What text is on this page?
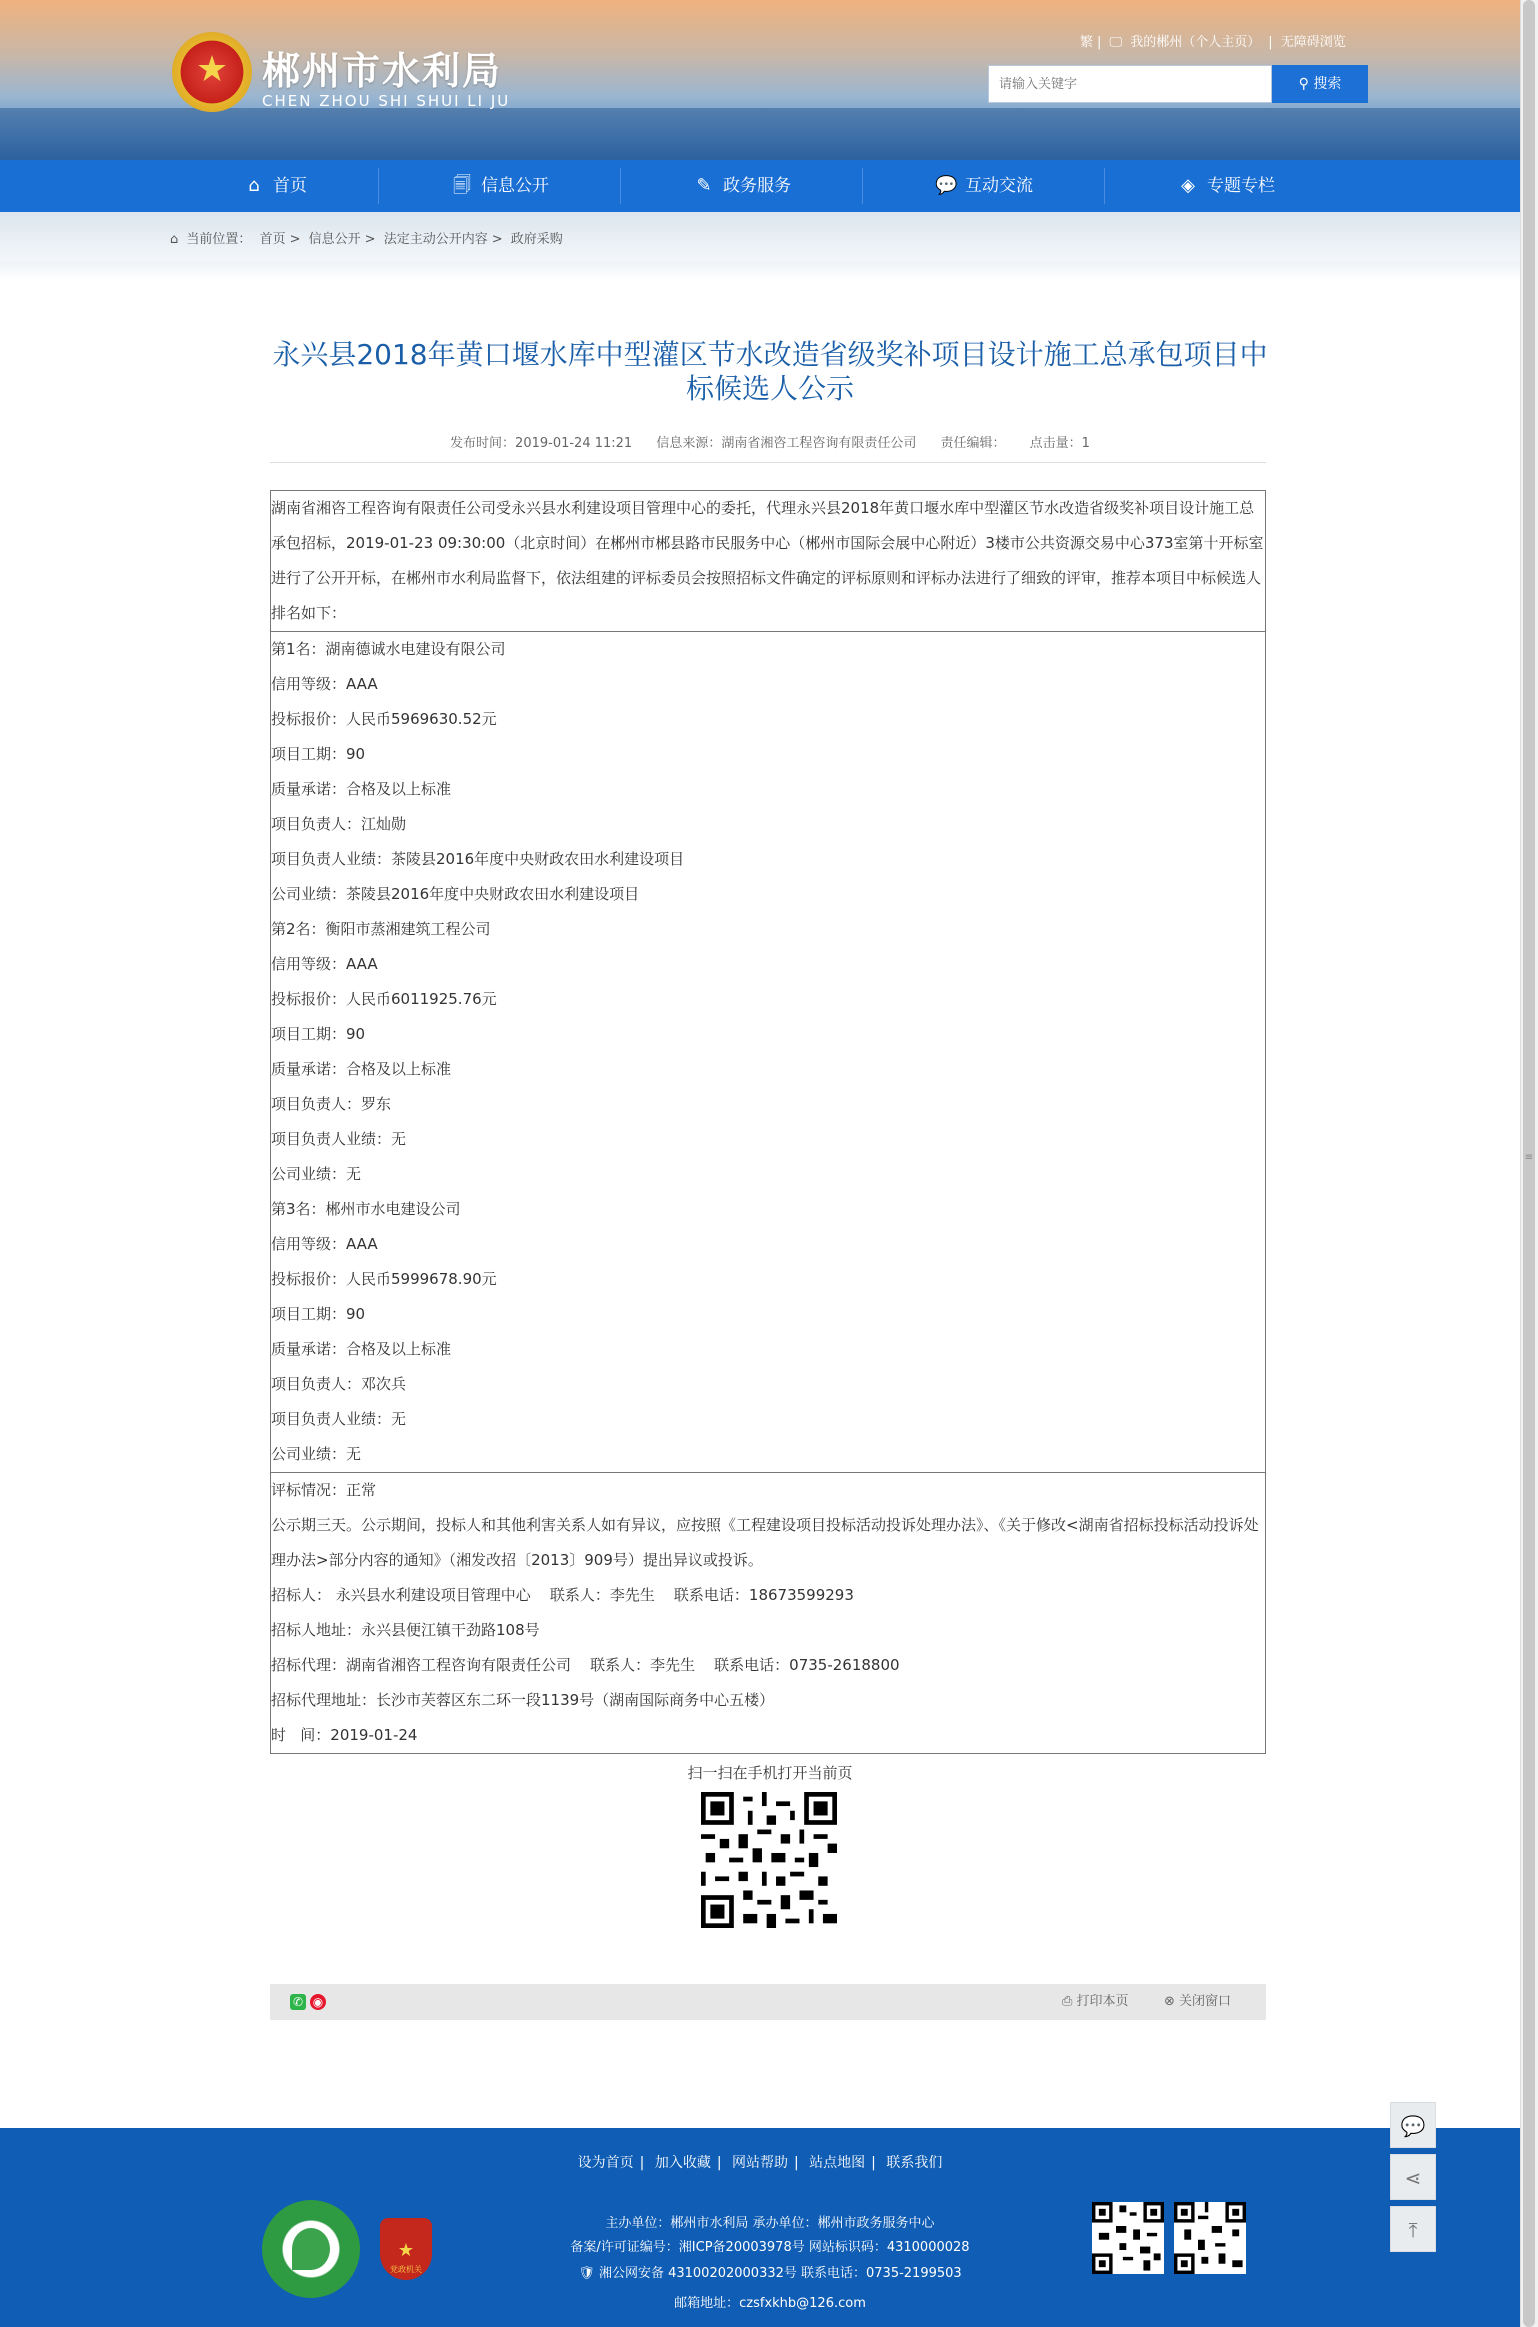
★ 郴州市水利局
CHEN ZHOU SHI SHUI LI JU
繁 | 🖵 我的郴州（个人主页） | 无障碍浏览
请输入关键字
⚲ 搜索
⌂ 首页	🗐 信息公开	✎ 政务服务	💬 互动交流	◈ 专题专栏
⌂ 当前位置： 首页 > 信息公开 > 法定主动公开内容 > 政府采购
永兴县2018年黄口堰水库中型灌区节水改造省级奖补项目设计施工总承包项目中标候选人公示
发布时间：2019-01-24 11:21 信息来源：湖南省湘咨工程咨询有限责任公司 责任编辑： 点击量：1

湖南省湘咨工程咨询有限责任公司受永兴县水利建设项目管理中心的委托，代理永兴县2018年黄口堰水库中型灌区节水改造省级奖补项目设计施工总承包招标，2019-01-23 09:30:00（北京时间）在郴州市郴县路市民服务中心（郴州市国际会展中心附近）3楼市公共资源交易中心373室第十开标室进行了公开开标，在郴州市水利局监督下，依法组建的评标委员会按照招标文件确定的评标原则和评标办法进行了细致的评审，推荐本项目中标候选人排名如下：

第1名：湖南德诚水电建设有限公司

信用等级：AAA

投标报价：人民币5969630.52元

项目工期：90

质量承诺：合格及以上标准

项目负责人：江灿勋

项目负责人业绩：茶陵县2016年度中央财政农田水利建设项目

公司业绩：茶陵县2016年度中央财政农田水利建设项目

第2名：衡阳市蒸湘建筑工程公司

信用等级：AAA

投标报价：人民币6011925.76元

项目工期：90

质量承诺：合格及以上标准

项目负责人：罗东

项目负责人业绩：无

公司业绩：无

第3名：郴州市水电建设公司

信用等级：AAA

投标报价：人民币5999678.90元

项目工期：90

质量承诺：合格及以上标准

项目负责人：邓次兵

项目负责人业绩：无

公司业绩：无

评标情况：正常

公示期三天。公示期间，投标人和其他利害关系人如有异议，应按照《工程建设项目投标活动投诉处理办法》、《关于修改<湖南省招标投标活动投诉处理办法>部分内容的通知》（湘发改招〔2013〕909号）提出异议或投诉。

招标人： 永兴县水利建设项目管理中心    联系人：李先生    联系电话：18673599293

招标人地址：永兴县便江镇干劲路108号

招标代理：湖南省湘咨工程咨询有限责任公司    联系人：李先生    联系电话：0735-2618800

招标代理地址：长沙市芙蓉区东二环一段1139号（湖南国际商务中心五楼）

时   间：2019-01-24

扫一扫在手机打开当前页
✆ ◉	⎙ 打印本页	⊗ 关闭窗口
设为首页 | 加入收藏 | 网站帮助 | 站点地图 | 联系我们
主办单位：郴州市水利局 承办单位：郴州市政务服务中心
备案/许可证编号：湘ICP备20003978号 网站标识码：4310000028
🛡 湘公网安备 43100202000332号 联系电话：0735-2199503
邮箱地址：czsfxkhb@126.com
★
党政机关
💬
⋖
⤒
≡
